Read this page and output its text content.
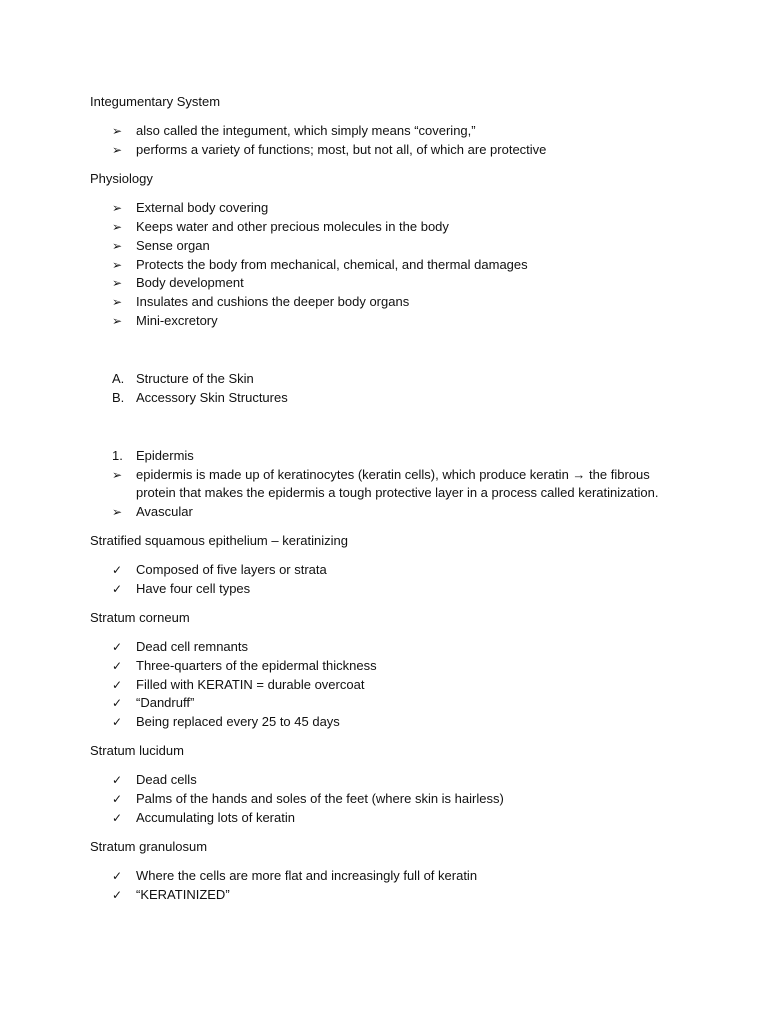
Integumentary System
➢	also called the integument, which simply means “covering,”
➢	performs a variety of functions; most, but not all, of which are protective
Physiology
➢	External body covering
➢	Keeps water and other precious molecules in the body
➢	Sense organ
➢	Protects the body from mechanical, chemical, and thermal damages
➢	Body development
➢	Insulates and cushions the deeper body organs
➢	Mini-excretory
A. Structure of the Skin
B. Accessory Skin Structures
1.	Epidermis
➢	epidermis is made up of keratinocytes (keratin cells), which produce keratin → the fibrous
protein that makes the epidermis a tough protective layer in a process called keratinization.
➢	Avascular
Stratified squamous epithelium – keratinizing
✓	Composed of five layers or strata
✓	Have four cell types
Stratum corneum
✓	Dead cell remnants
✓	Three-quarters of the epidermal thickness
✓	Filled with KERATIN = durable overcoat
✓	“Dandruff”
✓	Being replaced every 25 to 45 days
Stratum lucidum
✓	Dead cells
✓	Palms of the hands and soles of the feet (where skin is hairless)
✓	Accumulating lots of keratin
Stratum granulosum
✓	Where the cells are more flat and increasingly full of keratin
✓	“KERATINIZED”
